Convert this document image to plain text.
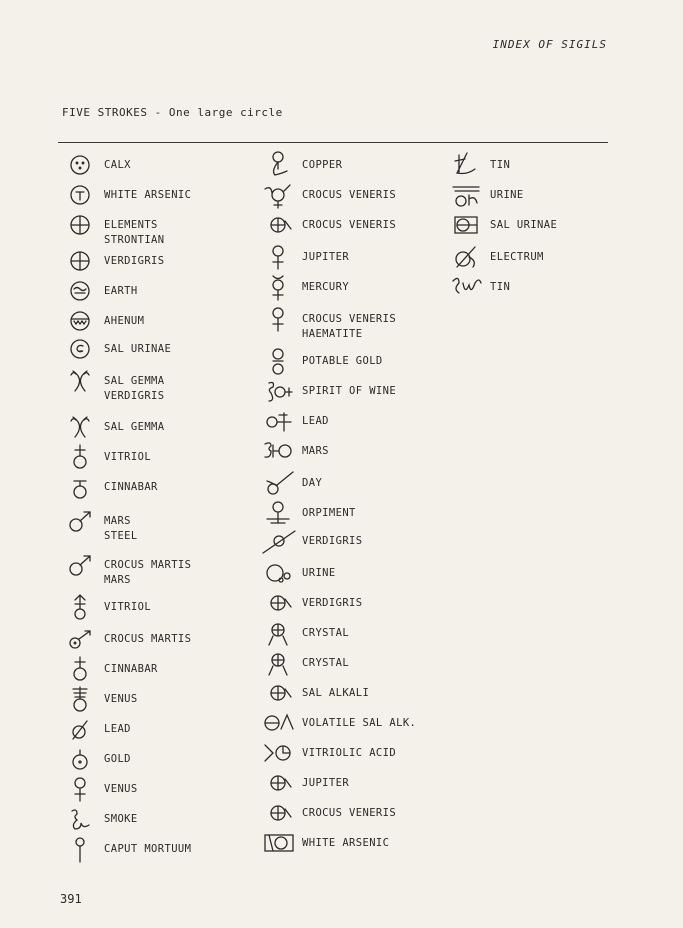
INDEX OF SIGILS
FIVE STROKES - One large circle
CALX
WHITE ARSENIC
ELEMENTS
STRONTIAN
VERDIGRIS
EARTH
AHENUM
SAL URINAE
SAL GEMMA
VERDIGRIS
SAL GEMMA
VITRIOL
CINNABAR
MARS
STEEL
CROCUS MARTIS
MARS
VITRIOL
CROCUS MARTIS
CINNABAR
VENUS
LEAD
GOLD
VENUS
SMOKE
CAPUT MORTUUM
COPPER
CROCUS VENERIS
CROCUS VENERIS
JUPITER
MERCURY
CROCUS VENERIS
HAEMATITE
POTABLE GOLD
SPIRIT OF WINE
LEAD
MARS
DAY
ORPIMENT
VERDIGRIS
URINE
VERDIGRIS
CRYSTAL
CRYSTAL
SAL ALKALI
VOLATILE SAL ALK.
VITRIOLIC ACID
JUPITER
CROCUS VENERIS
WHITE ARSENIC
TIN
URINE
SAL URINAE
ELECTRUM
TIN
391
